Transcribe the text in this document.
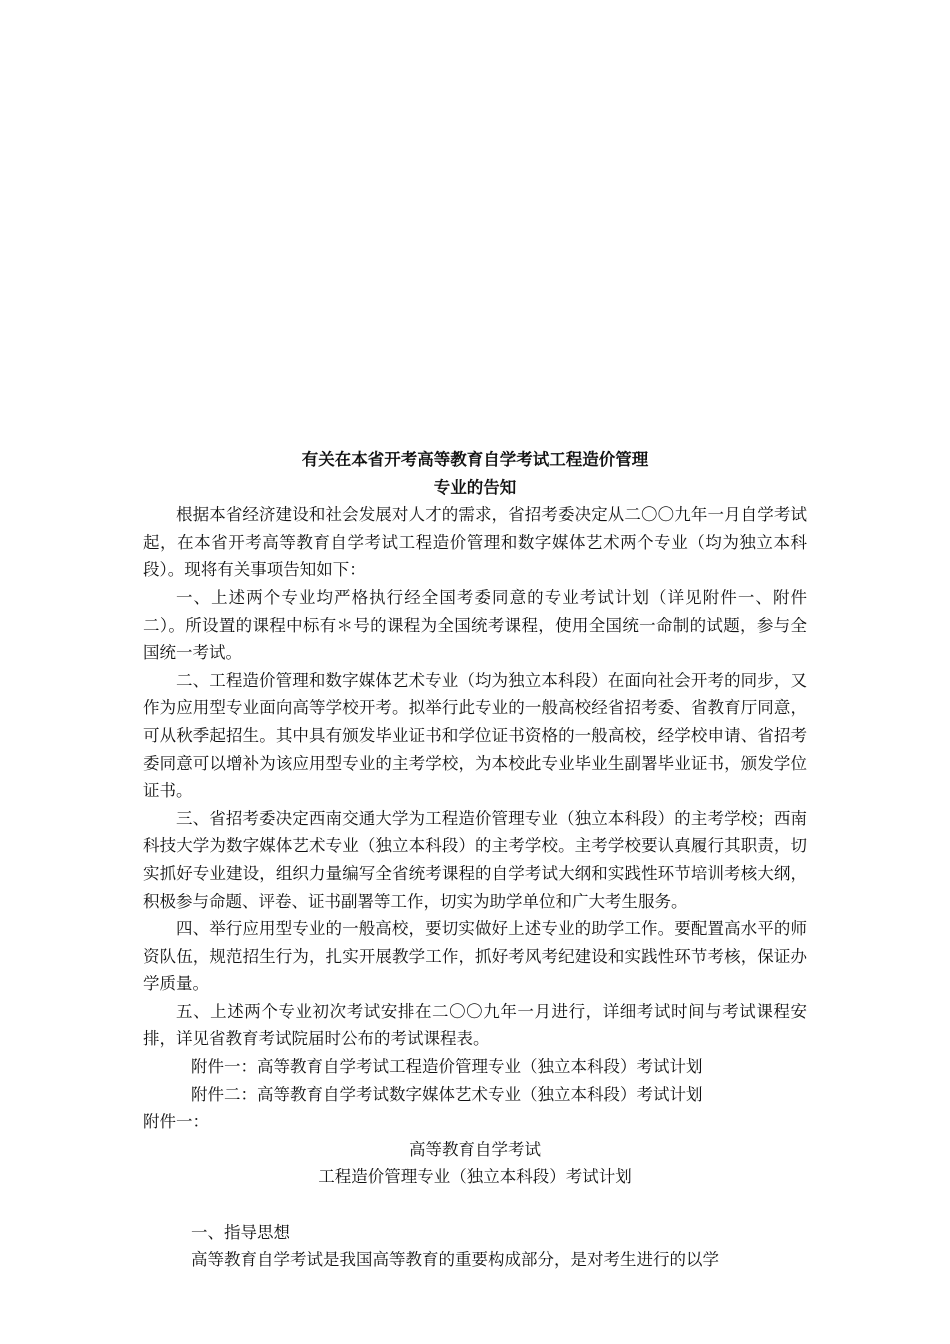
有关在本省开考高等教育自学考试工程造价管理

专业的告知

根据本省经济建设和社会发展对人才的需求，省招考委决定从二〇〇九年一月自学考试起，在本省开考高等教育自学考试工程造价管理和数字媒体艺术两个专业（均为独立本科段）。现将有关事项告知如下：

一、上述两个专业均严格执行经全国考委同意的专业考试计划（详见附件一、附件二）。所设置的课程中标有＊号的课程为全国统考课程，使用全国统一命制的试题，参与全国统一考试。

二、工程造价管理和数字媒体艺术专业（均为独立本科段）在面向社会开考的同步，又作为应用型专业面向高等学校开考。拟举行此专业的一般高校经省招考委、省教育厅同意，可从秋季起招生。其中具有颁发毕业证书和学位证书资格的一般高校，经学校申请、省招考委同意可以增补为该应用型专业的主考学校，为本校此专业毕业生副署毕业证书，颁发学位证书。

三、省招考委决定西南交通大学为工程造价管理专业（独立本科段）的主考学校；西南科技大学为数字媒体艺术专业（独立本科段）的主考学校。主考学校要认真履行其职责，切实抓好专业建设，组织力量编写全省统考课程的自学考试大纲和实践性环节培训考核大纲，积极参与命题、评卷、证书副署等工作，切实为助学单位和广大考生服务。

四、举行应用型专业的一般高校，要切实做好上述专业的助学工作。要配置高水平的师资队伍，规范招生行为，扎实开展教学工作，抓好考风考纪建设和实践性环节考核，保证办学质量。

五、上述两个专业初次考试安排在二〇〇九年一月进行，详细考试时间与考试课程安排，详见省教育考试院届时公布的考试课程表。

附件一：高等教育自学考试工程造价管理专业（独立本科段）考试计划

附件二：高等教育自学考试数字媒体艺术专业（独立本科段）考试计划

附件一：

高等教育自学考试

工程造价管理专业（独立本科段）考试计划

一、指导思想

高等教育自学考试是我国高等教育的重要构成部分，是对考生进行的以学
